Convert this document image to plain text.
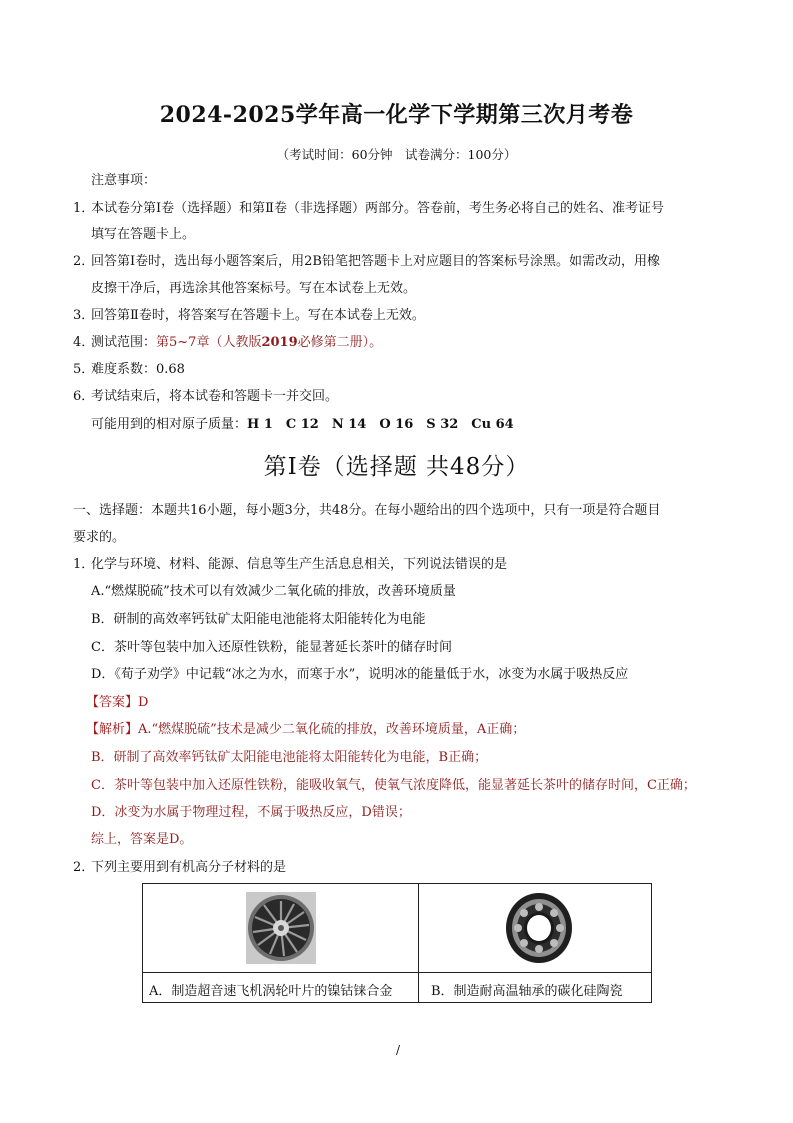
2024-2025学年高一化学下学期第三次月考卷
（考试时间：60分钟　试卷满分：100分）
注意事项：
1．本试卷分第Ⅰ卷（选择题）和第Ⅱ卷（非选择题）两部分。答卷前，考生务必将自己的姓名、准考证号
填写在答题卡上。
2．回答第Ⅰ卷时，选出每小题答案后，用2B铅笔把答题卡上对应题目的答案标号涂黑。如需改动，用橡
皮擦干净后，再选涂其他答案标号。写在本试卷上无效。
3．回答第Ⅱ卷时，将答案写在答题卡上。写在本试卷上无效。
4．测试范围：第5~7章（人教版2019必修第二册）。
5．难度系数：0.68
6．考试结束后，将本试卷和答题卡一并交回。
可能用到的相对原子质量：H 1　C 12　N 14　O 16　S 32　Cu 64
第Ⅰ卷（选择题 共48分）
一、选择题：本题共16小题，每小题3分，共48分。在每小题给出的四个选项中，只有一项是符合题目
要求的。
1．化学与环境、材料、能源、信息等生产生活息息相关，下列说法错误的是
A.“燃煤脱硫”技术可以有效减少二氧化硫的排放，改善环境质量
B．研制的高效率钙钛矿太阳能电池能将太阳能转化为电能
C．茶叶等包装中加入还原性铁粉，能显著延长茶叶的储存时间
D．《荀子劝学》中记载“冰之为水，而寒于水”，说明冰的能量低于水，冰变为水属于吸热反应
【答案】D
【解析】A.“燃煤脱硫”技术是减少二氧化硫的排放，改善环境质量，A正确；
B．研制了高效率钙钛矿太阳能电池能将太阳能转化为电能，B正确；
C．茶叶等包装中加入还原性铁粉，能吸收氧气，使氧气浓度降低，能显著延长茶叶的储存时间，C正确；
D．冰变为水属于物理过程，不属于吸热反应，D错误；
综上，答案是D。
2．下列主要用到有机高分子材料的是
A．制造超音速飞机涡轮叶片的镍钴铼合金	B．制造耐高温轴承的碳化硅陶瓷
/
